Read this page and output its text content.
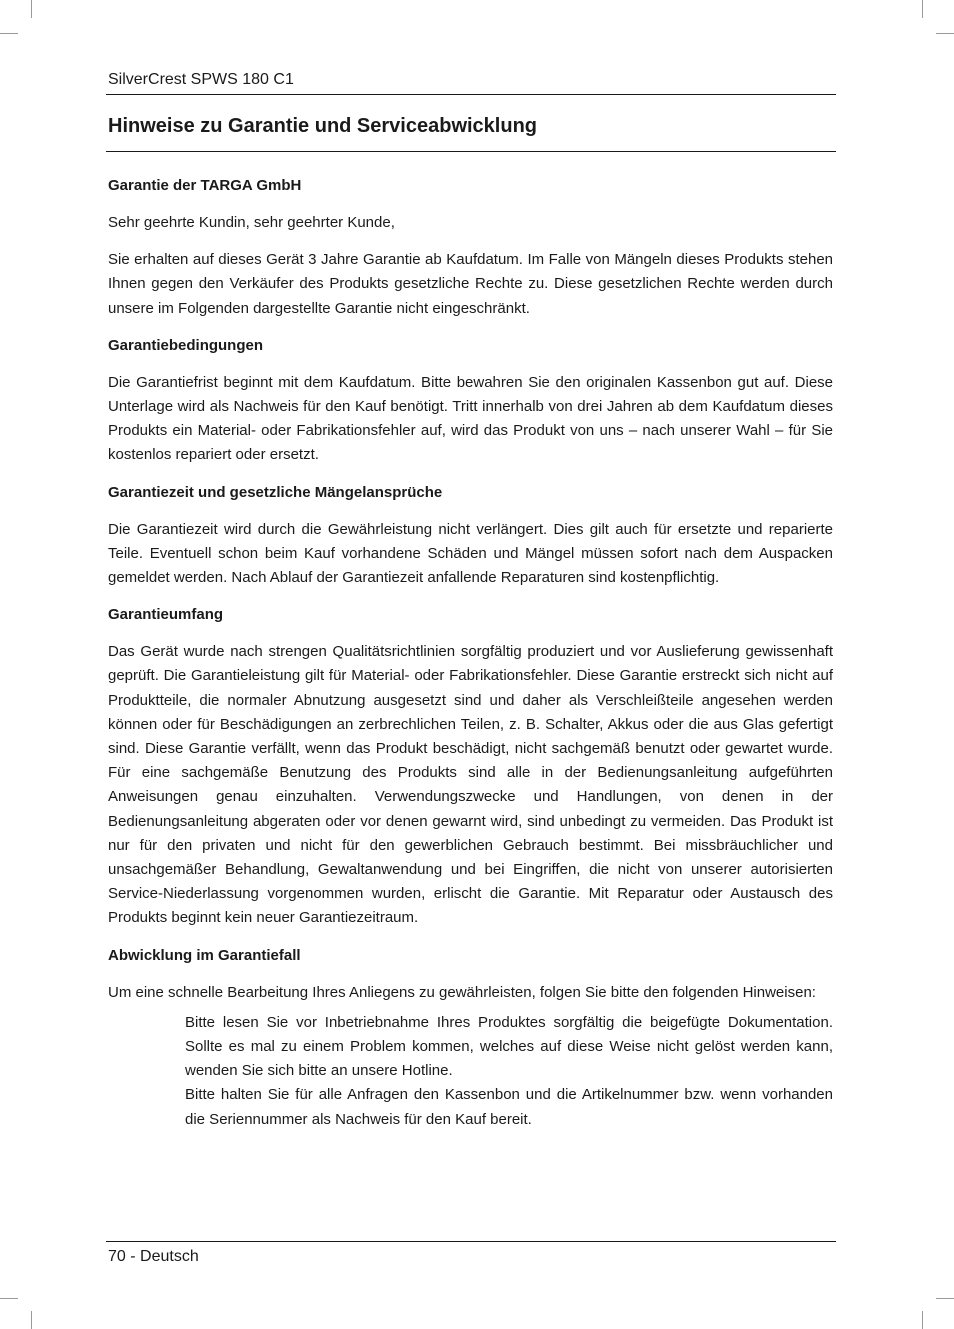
SilverCrest SPWS 180 C1
Hinweise zu Garantie und Serviceabwicklung
Garantie der TARGA GmbH

Sehr geehrte Kundin, sehr geehrter Kunde,

Sie erhalten auf dieses Gerät 3 Jahre Garantie ab Kaufdatum. Im Falle von Mängeln dieses Produkts stehen Ihnen gegen den Verkäufer des Produkts gesetzliche Rechte zu. Diese gesetzlichen Rechte werden durch unsere im Folgenden dargestellte Garantie nicht eingeschränkt.

Garantiebedingungen

Die Garantiefrist beginnt mit dem Kaufdatum. Bitte bewahren Sie den originalen Kassenbon gut auf. Diese Unterlage wird als Nachweis für den Kauf benötigt. Tritt innerhalb von drei Jahren ab dem Kaufdatum dieses Produkts ein Material- oder Fabrikationsfehler auf, wird das Produkt von uns – nach unserer Wahl – für Sie kostenlos repariert oder ersetzt.

Garantiezeit und gesetzliche Mängelansprüche

Die Garantiezeit wird durch die Gewährleistung nicht verlängert. Dies gilt auch für ersetzte und reparierte Teile. Eventuell schon beim Kauf vorhandene Schäden und Mängel müssen sofort nach dem Auspacken gemeldet werden. Nach Ablauf der Garantiezeit anfallende Reparaturen sind kostenpflichtig.

Garantieumfang

Das Gerät wurde nach strengen Qualitätsrichtlinien sorgfältig produziert und vor Auslieferung gewissenhaft geprüft. Die Garantieleistung gilt für Material- oder Fabrikationsfehler. Diese Garantie erstreckt sich nicht auf Produktteile, die normaler Abnutzung ausgesetzt sind und daher als Verschleißteile angesehen werden können oder für Beschädigungen an zerbrechlichen Teilen, z. B. Schalter, Akkus oder die aus Glas gefertigt sind. Diese Garantie verfällt, wenn das Produkt beschädigt, nicht sachgemäß benutzt oder gewartet wurde. Für eine sachgemäße Benutzung des Produkts sind alle in der Bedienungsanleitung aufgeführten Anweisungen genau einzuhalten. Verwendungszwecke und Handlungen, von denen in der Bedienungsanleitung abgeraten oder vor denen gewarnt wird, sind unbedingt zu vermeiden. Das Produkt ist nur für den privaten und nicht für den gewerblichen Gebrauch bestimmt. Bei missbräuchlicher und unsachgemäßer Behandlung, Gewaltanwendung und bei Eingriffen, die nicht von unserer autorisierten Service-Niederlassung vorgenommen wurden, erlischt die Garantie. Mit Reparatur oder Austausch des Produkts beginnt kein neuer Garantiezeitraum.

Abwicklung im Garantiefall

Um eine schnelle Bearbeitung Ihres Anliegens zu gewährleisten, folgen Sie bitte den folgenden Hinweisen:

Bitte lesen Sie vor Inbetriebnahme Ihres Produktes sorgfältig die beigefügte Dokumentation. Sollte es mal zu einem Problem kommen, welches auf diese Weise nicht gelöst werden kann, wenden Sie sich bitte an unsere Hotline.
Bitte halten Sie für alle Anfragen den Kassenbon und die Artikelnummer bzw. wenn vorhanden die Seriennummer als Nachweis für den Kauf bereit.
70 - Deutsch
